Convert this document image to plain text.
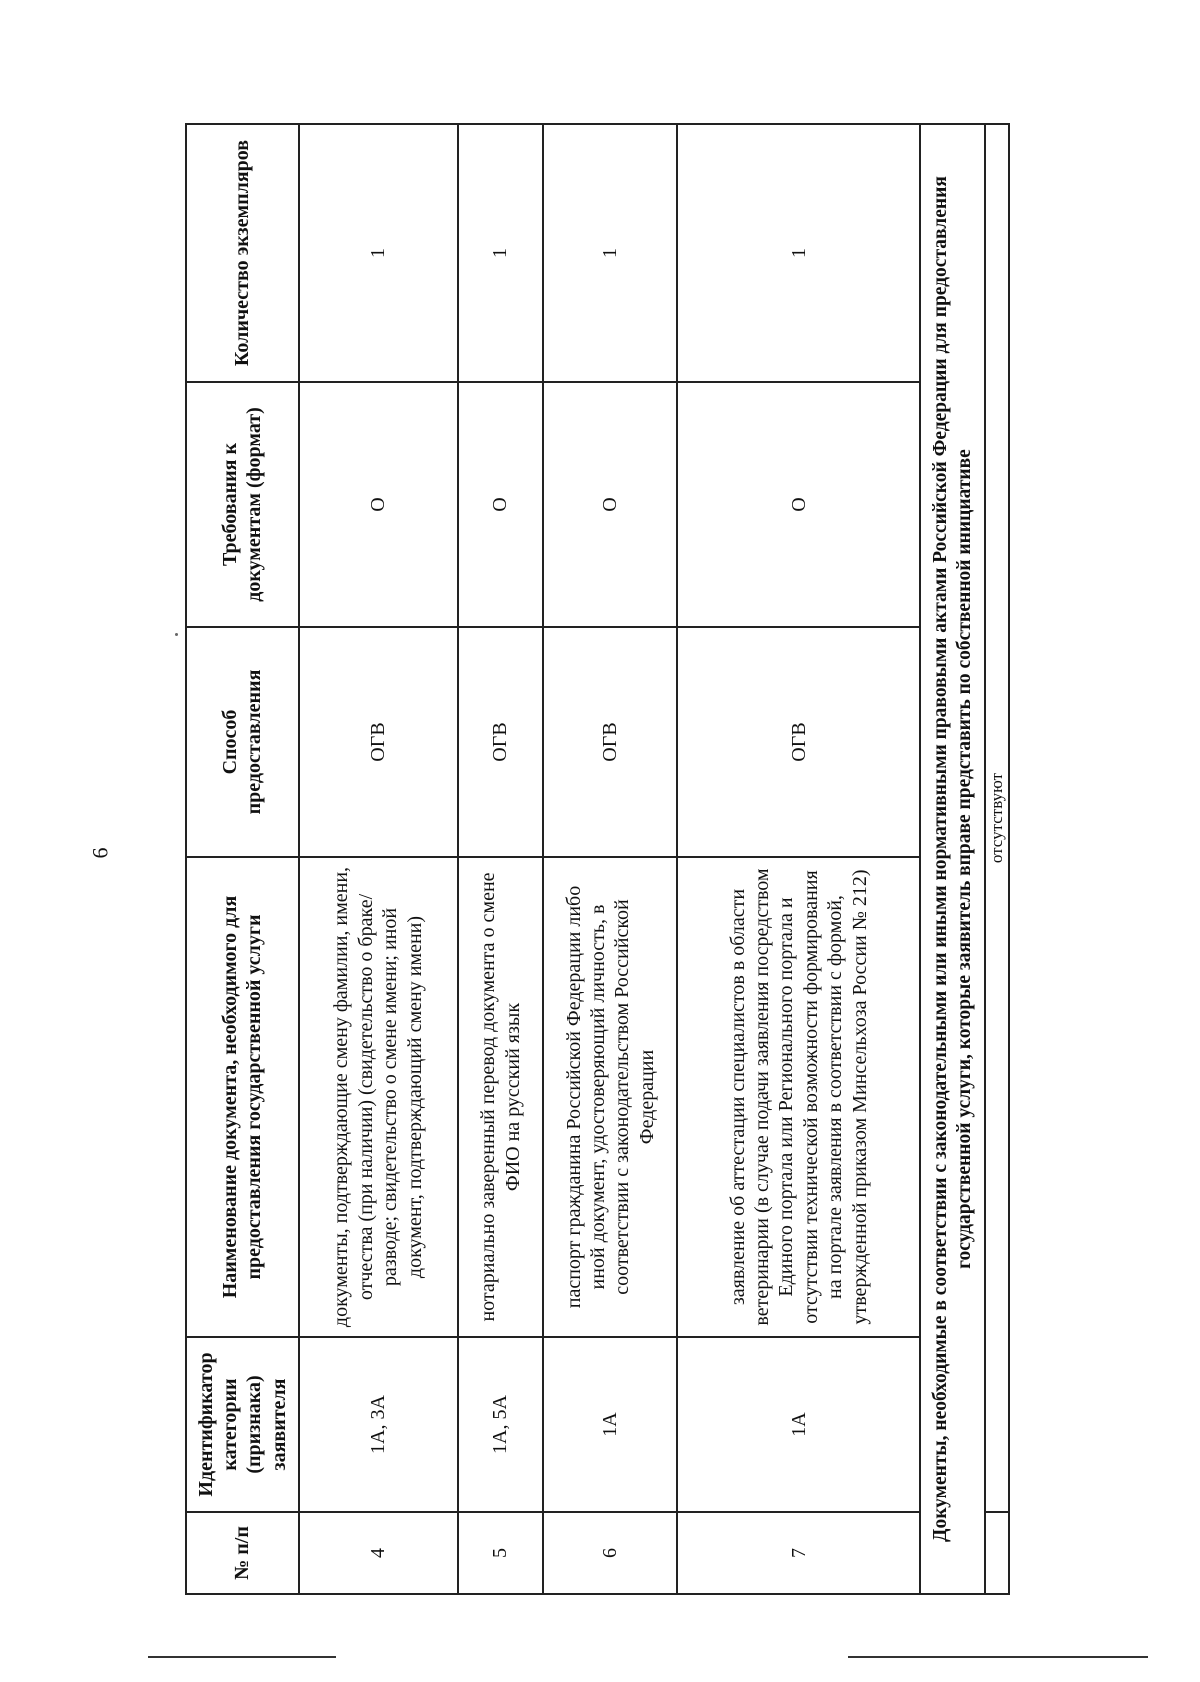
6
№ п/п	Идентификатор категории (признака) заявителя	Наименование документа, необходимого для предоставления государственной услуги	Способ предоставления	Требования к документам (формат)	Количество экземпляров
4	1А, 3А	документы, подтверждающие смену фамилии, имени, отчества (при наличии) (свидетельство о браке/разводе; свидетельство о смене имени; иной документ, подтверждающий смену имени)	ОГВ	О	1
5	1А, 5А	нотариально заверенный перевод документа о смене ФИО на русский язык	ОГВ	О	1
6	1А	паспорт гражданина Российской Федерации либо иной документ, удостоверяющий личность, в соответствии с законодательством Российской Федерации	ОГВ	О	1
7	1А	заявление об аттестации специалистов в области ветеринарии (в случае подачи заявления посредством Единого портала или Регионального портала и отсутствии технической возможности формирования на портале заявления в соответствии с формой, утвержденной приказом Минсельхоза России № 212)	ОГВ	О	1
Документы, необходимые в соответствии с законодательными или иными нормативными правовыми актами Российской Федерации для предоставления государственной услуги, которые заявитель вправе представить по собственной инициативе					
	отсутствуют				
